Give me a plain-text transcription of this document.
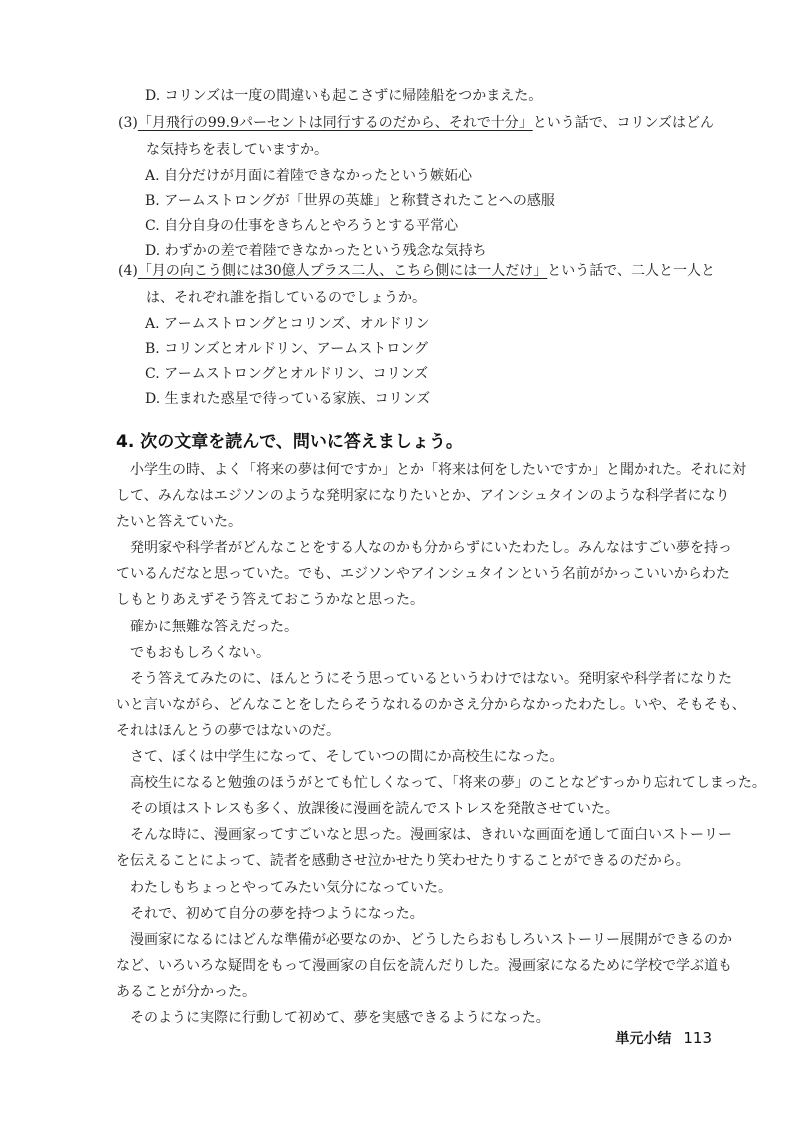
D. コリンズは一度の間違いも起こさずに帰陸船をつかまえた。
(3)「月飛行の99.9パーセントは同行するのだから、それで十分」という話で、コリンズはどん
な気持ちを表していますか。
A. 自分だけが月面に着陸できなかったという嫉妬心
B. アームストロングが「世界の英雄」と称賛されたことへの感服
C. 自分自身の仕事をきちんとやろうとする平常心
D. わずかの差で着陸できなかったという残念な気持ち
(4)「月の向こう側には30億人プラス二人、こちら側には一人だけ」という話で、二人と一人と
は、それぞれ誰を指しているのでしょうか。
A. アームストロングとコリンズ、オルドリン
B. コリンズとオルドリン、アームストロング
C. アームストロングとオルドリン、コリンズ
D. 生まれた惑星で待っている家族、コリンズ
4. 次の文章を読んで、問いに答えましょう。
小学生の時、よく「将来の夢は何ですか」とか「将来は何をしたいですか」と聞かれた。それに対
して、みんなはエジソンのような発明家になりたいとか、アインシュタインのような科学者になり
たいと答えていた。
発明家や科学者がどんなことをする人なのかも分からずにいたわたし。みんなはすごい夢を持っ
ているんだなと思っていた。でも、エジソンやアインシュタインという名前がかっこいいからわた
しもとりあえずそう答えておこうかなと思った。
確かに無難な答えだった。
でもおもしろくない。
そう答えてみたのに、ほんとうにそう思っているというわけではない。発明家や科学者になりた
いと言いながら、どんなことをしたらそうなれるのかさえ分からなかったわたし。いや、そもそも、
それはほんとうの夢ではないのだ。
さて、ぼくは中学生になって、そしていつの間にか高校生になった。
高校生になると勉強のほうがとても忙しくなって、「将来の夢」のことなどすっかり忘れてしまった。
その頃はストレスも多く、放課後に漫画を読んでストレスを発散させていた。
そんな時に、漫画家ってすごいなと思った。漫画家は、きれいな画面を通して面白いストーリー
を伝えることによって、読者を感動させ泣かせたり笑わせたりすることができるのだから。
わたしもちょっとやってみたい気分になっていた。
それで、初めて自分の夢を持つようになった。
漫画家になるにはどんな準備が必要なのか、どうしたらおもしろいストーリー展開ができるのか
など、いろいろな疑問をもって漫画家の自伝を読んだりした。漫画家になるために学校で学ぶ道も
あることが分かった。
そのように実際に行動して初めて、夢を実感できるようになった。
単元小结 113
